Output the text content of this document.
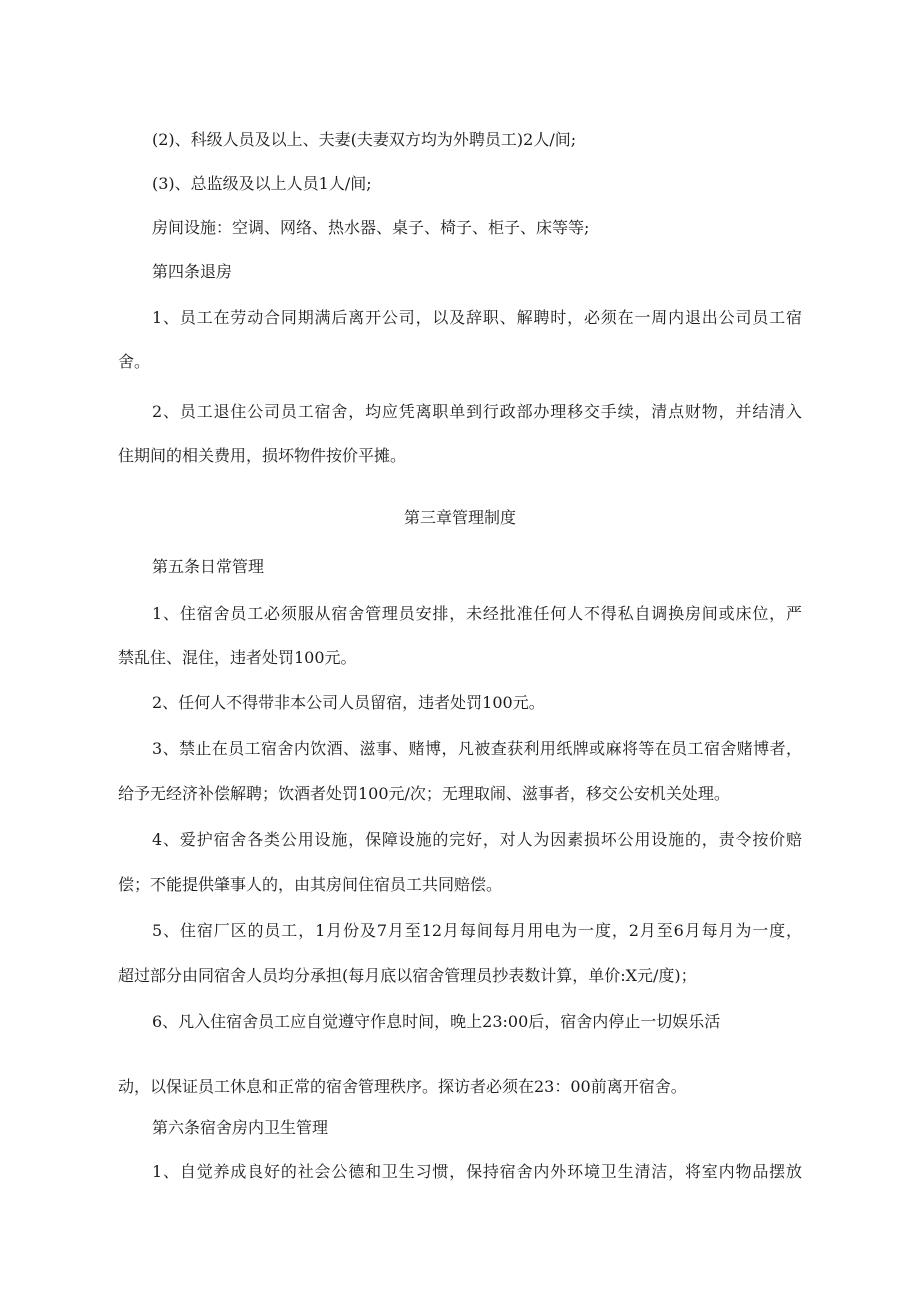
(2)、科级人员及以上、夫妻(夫妻双方均为外聘员工)2人/间;

(3)、总监级及以上人员1人/间;

房间设施：空调、网络、热水器、桌子、椅子、柜子、床等等;

第四条退房

1、员工在劳动合同期满后离开公司，以及辞职、解聘时，必须在一周内退出公司员工宿

舍。

2、员工退住公司员工宿舍，均应凭离职单到行政部办理移交手续，清点财物，并结清入

住期间的相关费用，损坏物件按价平摊。

第三章管理制度

第五条日常管理

1、住宿舍员工必须服从宿舍管理员安排，未经批准任何人不得私自调换房间或床位，严

禁乱住、混住，违者处罚100元。

2、任何人不得带非本公司人员留宿，违者处罚100元。

3、禁止在员工宿舍内饮酒、滋事、赌博，凡被查获利用纸牌或麻将等在员工宿舍赌博者，

给予无经济补偿解聘；饮酒者处罚100元/次；无理取闹、滋事者，移交公安机关处理。

4、爱护宿舍各类公用设施，保障设施的完好，对人为因素损坏公用设施的，责令按价赔

偿；不能提供肇事人的，由其房间住宿员工共同赔偿。

5、住宿厂区的员工，1月份及7月至12月每间每月用电为一度，2月至6月每月为一度，

超过部分由同宿舍人员均分承担(每月底以宿舍管理员抄表数计算，单价:X元/度)；

6、凡入住宿舍员工应自觉遵守作息时间，晚上23:00后，宿舍内停止一切娱乐活

动，以保证员工休息和正常的宿舍管理秩序。探访者必须在23：00前离开宿舍。

第六条宿舍房内卫生管理

1、自觉养成良好的社会公德和卫生习惯，保持宿舍内外环境卫生清洁，将室内物品摆放
